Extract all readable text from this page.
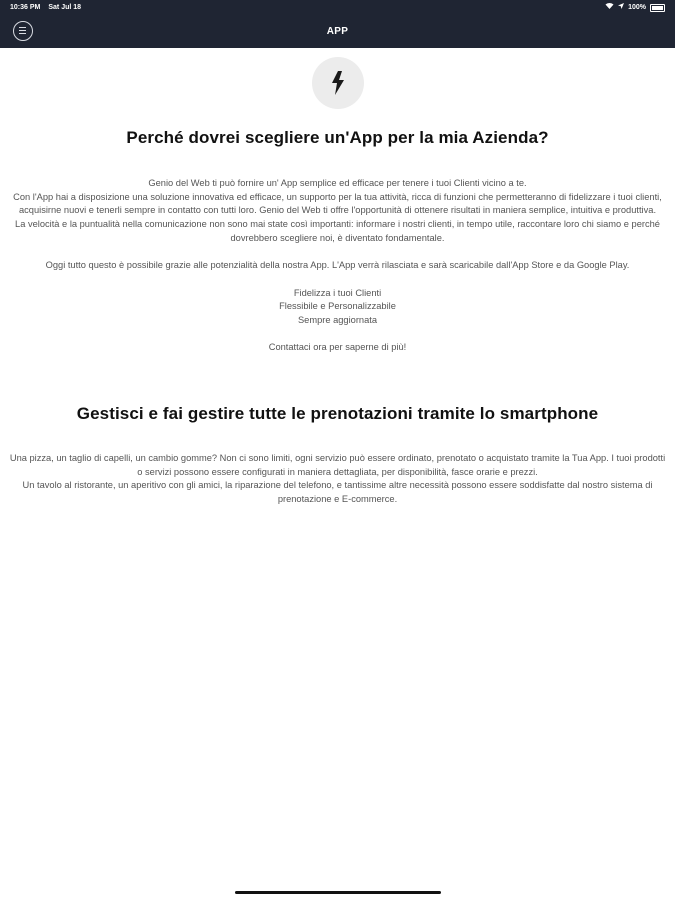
10:36 PM Sat Jul 18	100%
APP
Perché dovrei scegliere un'App per la mia Azienda?

Genio del Web ti può fornire un' App semplice ed efficace per tenere i tuoi Clienti vicino a te.

Con l'App hai a disposizione una soluzione innovativa ed efficace, un supporto per la tua attività, ricca di funzioni che permetteranno di fidelizzare i tuoi clienti, acquisirne nuovi e tenerli sempre in contatto con tutti loro. Genio del Web ti offre l'opportunità di ottenere risultati in maniera semplice, intuitiva e produttiva.

La velocità e la puntualità nella comunicazione non sono mai state così importanti: informare i nostri clienti, in tempo utile, raccontare loro chi siamo e perché dovrebbero scegliere noi, è diventato fondamentale.

Oggi tutto questo è possibile grazie alle potenzialità della nostra App. L'App verrà rilasciata e sarà scaricabile dall'App Store e da Google Play.

Fidelizza i tuoi Clienti

Flessibile e Personalizzabile

Sempre aggiornata

Contattaci ora per saperne di più!

Gestisci e fai gestire tutte le prenotazioni tramite lo smartphone

Una pizza, un taglio di capelli, un cambio gomme? Non ci sono limiti, ogni servizio può essere ordinato, prenotato o acquistato tramite la Tua App. I tuoi prodotti o servizi possono essere configurati in maniera dettagliata, per disponibilità, fasce orarie e prezzi.

Un tavolo al ristorante, un aperitivo con gli amici, la riparazione del telefono, e tantissime altre necessità possono essere soddisfatte dal nostro sistema di prenotazione e E-commerce.
